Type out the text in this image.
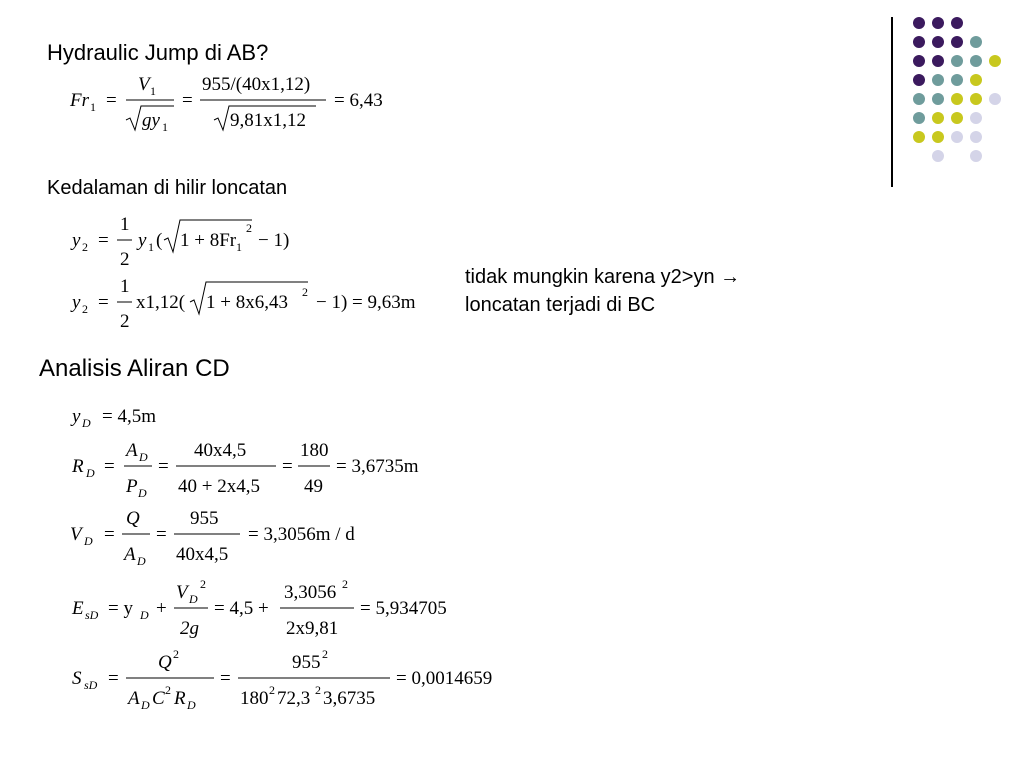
Hydraulic Jump di AB?
Kedalaman di hilir loncatan
Analisis Aliran CD
tidak mungkin karena y2>yn →
loncatan terjadi di BC
Fr 1 =
V 1
gy 1
=
955/(40x1,12)
9,81x1,12
= 6,43
y 2 =
1
2
y 1 ( 1 + 8Fr 1
2
− 1)
y 2 =
1
2
x1,12( 1 + 8x6,43 2 − 1) = 9,63m
y D = 4,5m
R D =
A D
P D
=
40x4,5
40 + 2x4,5
=
180
49
= 3,6735m
V D =
Q
A D
=
955
40x4,5
= 3,3056m / d
E sD = y D +
V D
2
2g
= 4,5 +
3,3056 2
2x9,81
= 5,934705
S sD =
Q 2
A D C 2 R D
=
955 2
180 2 72,3 2 3,6735
= 0,0014659
